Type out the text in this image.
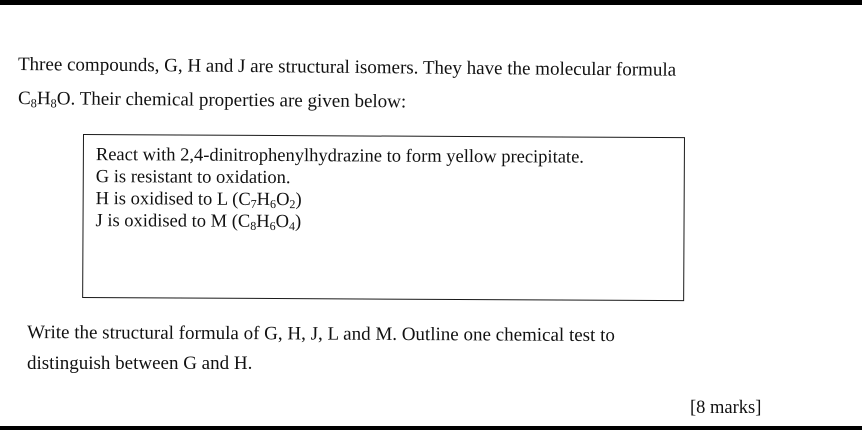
Three compounds, G, H and J are structural isomers. They have the molecular formula
$C_8H_8O$. Their chemical properties are given below:
React with 2,4-dinitrophenylhydrazine to form yellow precipitate.
G is resistant to oxidation.
H is oxidised to L $(C_7H_6O_2)$
J is oxidised to M $(C_8H_6O_4)$
Write the structural formula of G, H, J, L and M. Outline one chemical test to
distinguish between G and H.
[8 marks]
